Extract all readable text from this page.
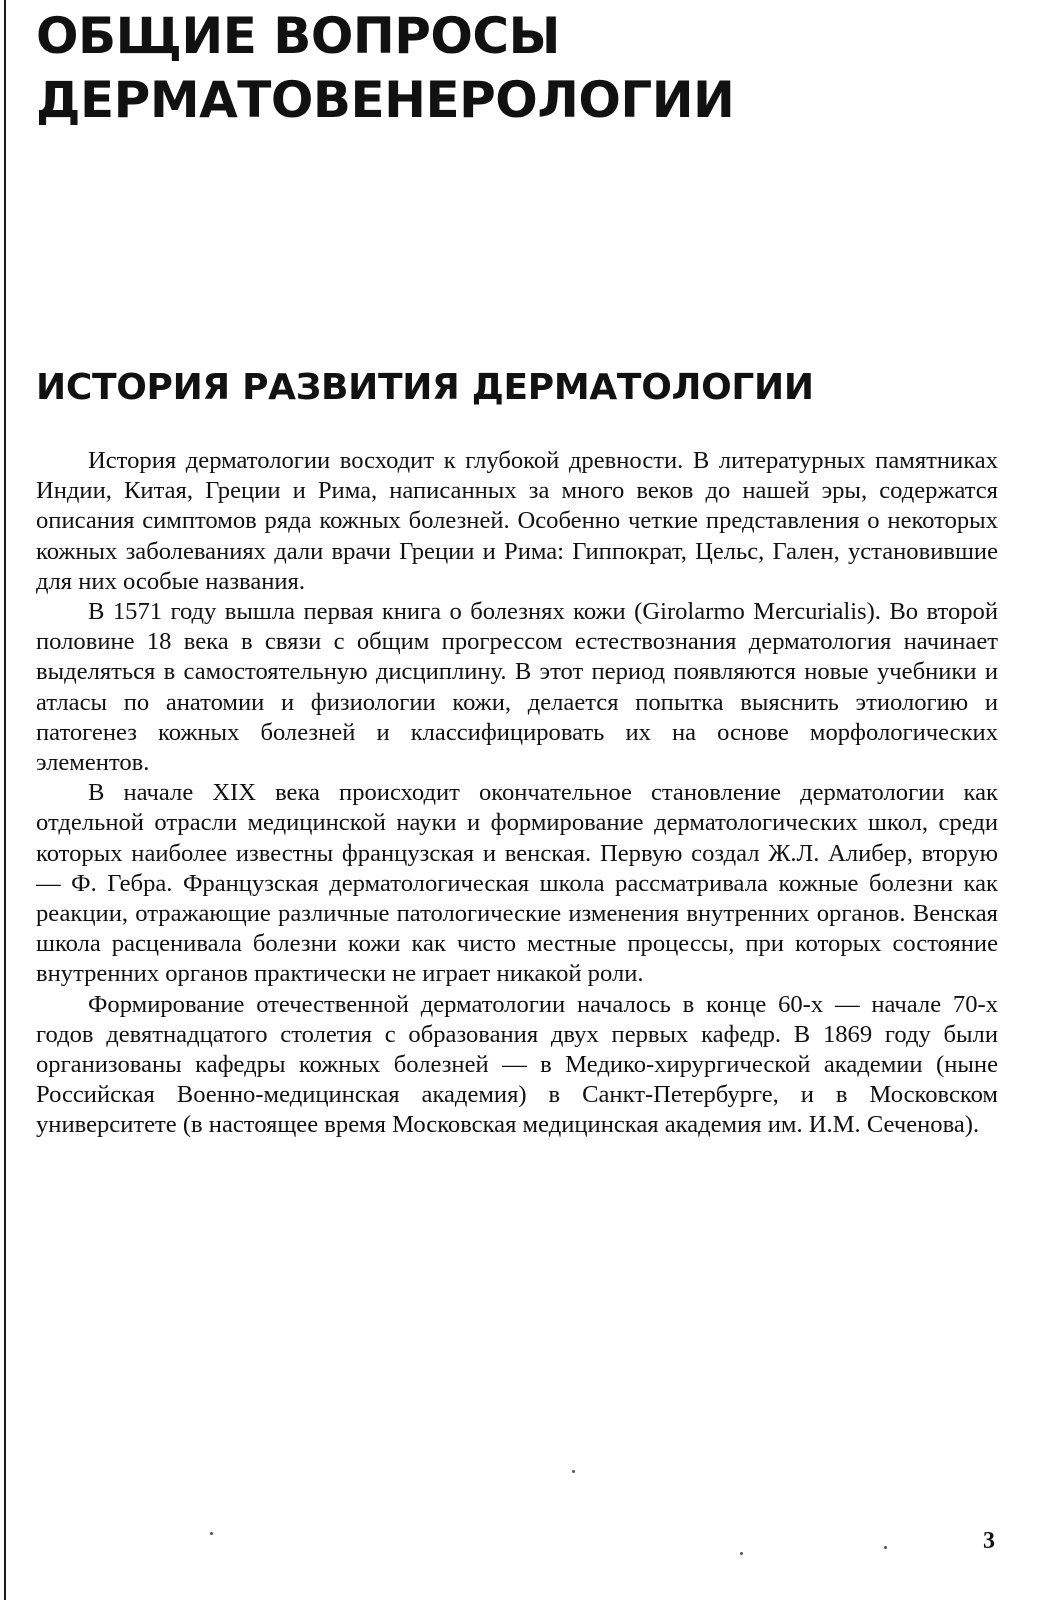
ОБЩИЕ ВОПРОСЫ
ДЕРМАТОВЕНЕРОЛОГИИ
ИСТОРИЯ РАЗВИТИЯ ДЕРМАТОЛОГИИ

История дерматологии восходит к глубокой древности. В литературных памятниках Индии, Китая, Греции и Рима, написанных за много веков до нашей эры, содержатся описания симптомов ряда кожных болезней. Особенно четкие представления о некоторых кожных заболеваниях дали врачи Греции и Рима: Гиппократ, Цельс, Гален, установившие для них особые названия.

В 1571 году вышла первая книга о болезнях кожи (Girolarmo Mercurialis). Во второй половине 18 века в связи с общим прогрессом естествознания дерматология начинает выделяться в самостоятельную дисциплину. В этот период появляются новые учебники и атласы по анатомии и физиологии кожи, делается попытка выяснить этиологию и патогенез кожных болезней и классифицировать их на основе морфологических элементов.

В начале XIX века происходит окончательное становление дерматологии как отдельной отрасли медицинской науки и формирование дерматологических школ, среди которых наиболее известны французская и венская. Первую создал Ж.Л. Алибер, вторую — Ф. Гебра. Французская дерматологическая школа рассматривала кожные болезни как реакции, отражающие различные патологические изменения внутренних органов. Венская школа расценивала болезни кожи как чисто местные процессы, при которых состояние внутренних органов практически не играет никакой роли.

Формирование отечественной дерматологии началось в конце 60-х — начале 70-х годов девятнадцатого столетия с образования двух первых кафедр. В 1869 году были организованы кафедры кожных болезней — в Медико-хирургической академии (ныне Российская Военно-медицинская академия) в Санкт-Петербурге, и в Московском университете (в настоящее время Московская медицинская академия им. И.М. Сеченова).

3
